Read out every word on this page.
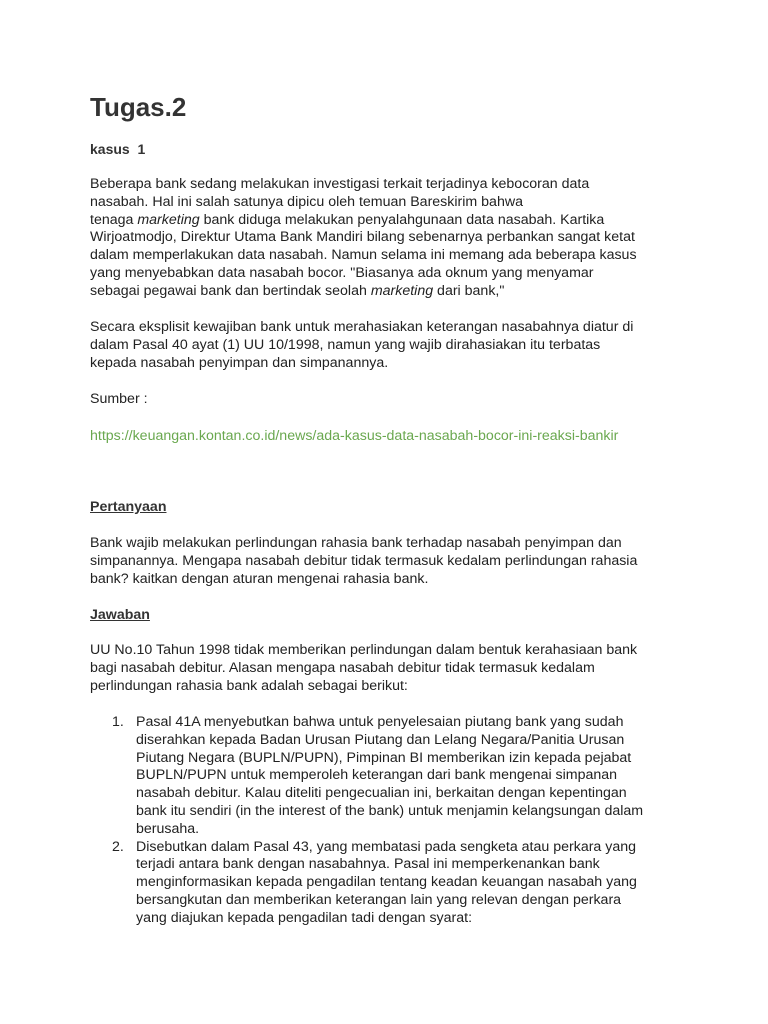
Tugas.2
kasus  1
Beberapa bank sedang melakukan investigasi terkait terjadinya kebocoran data
nasabah. Hal ini salah satunya dipicu oleh temuan Bareskirim bahwa
tenaga marketing bank diduga melakukan penyalahgunaan data nasabah. Kartika
Wirjoatmodjo, Direktur Utama Bank Mandiri bilang sebenarnya perbankan sangat ketat
dalam memperlakukan data nasabah. Namun selama ini memang ada beberapa kasus
yang menyebabkan data nasabah bocor. "Biasanya ada oknum yang menyamar
sebagai pegawai bank dan bertindak seolah marketing dari bank,"
Secara eksplisit kewajiban bank untuk merahasiakan keterangan nasabahnya diatur di
dalam Pasal 40 ayat (1) UU 10/1998, namun yang wajib dirahasiakan itu terbatas
kepada nasabah penyimpan dan simpanannya.
Sumber :
https://keuangan.kontan.co.id/news/ada-kasus-data-nasabah-bocor-ini-reaksi-bankir
Pertanyaan
Bank wajib melakukan perlindungan rahasia bank terhadap nasabah penyimpan dan
simpanannya. Mengapa nasabah debitur tidak termasuk kedalam perlindungan rahasia
bank? kaitkan dengan aturan mengenai rahasia bank.
Jawaban
UU No.10 Tahun 1998 tidak memberikan perlindungan dalam bentuk kerahasiaan bank
bagi nasabah debitur. Alasan mengapa nasabah debitur tidak termasuk kedalam
perlindungan rahasia bank adalah sebagai berikut:
1. Pasal 41A menyebutkan bahwa untuk penyelesaian piutang bank yang sudah
diserahkan kepada Badan Urusan Piutang dan Lelang Negara/Panitia Urusan
Piutang Negara (BUPLN/PUPN), Pimpinan BI memberikan izin kepada pejabat
BUPLN/PUPN untuk memperoleh keterangan dari bank mengenai simpanan
nasabah debitur. Kalau diteliti pengecualian ini, berkaitan dengan kepentingan
bank itu sendiri (in the interest of the bank) untuk menjamin kelangsungan dalam
berusaha.
2. Disebutkan dalam Pasal 43, yang membatasi pada sengketa atau perkara yang
terjadi antara bank dengan nasabahnya. Pasal ini memperkenankan bank
menginformasikan kepada pengadilan tentang keadan keuangan nasabah yang
bersangkutan dan memberikan keterangan lain yang relevan dengan perkara
yang diajukan kepada pengadilan tadi dengan syarat:
